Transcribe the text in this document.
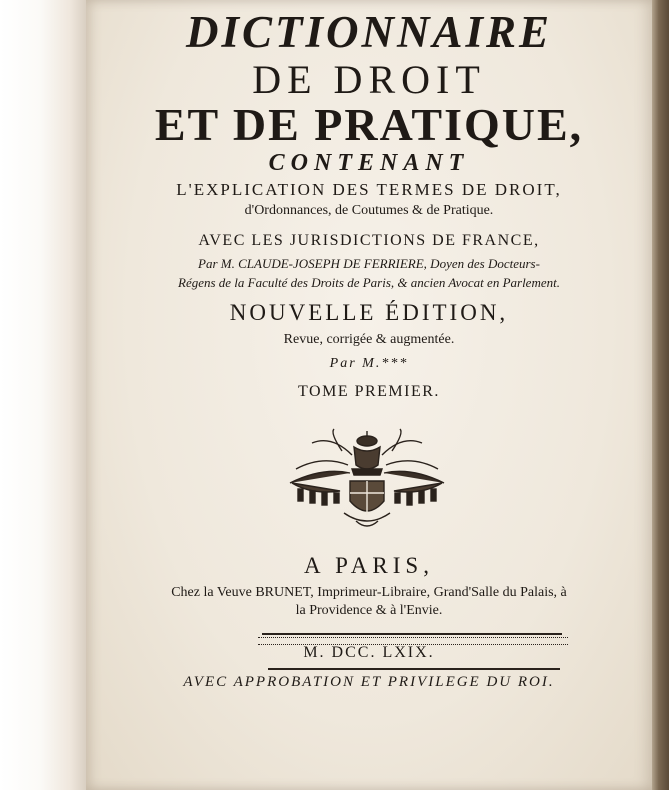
DICTIONNAIRE

DE DROIT

ET DE PRATIQUE,

CONTENANT

L'EXPLICATION DES TERMES DE DROIT,

d'Ordonnances, de Coutumes & de Pratique.

AVEC LES JURISDICTIONS DE FRANCE,

Par M. CLAUDE-JOSEPH DE FERRIERE, Doyen des Docteurs-

Régens de la Faculté des Droits de Paris, & ancien Avocat en Parlement.

NOUVELLE ÉDITION,

Revue, corrigée & augmentée.

Par M.***

TOME PREMIER.

A PARIS,

Chez la Veuve BRUNET, Imprimeur-Libraire, Grand'Salle du Palais, à

la Providence & à l'Envie.

M. DCC. LXIX.

AVEC APPROBATION ET PRIVILEGE DU ROI.
